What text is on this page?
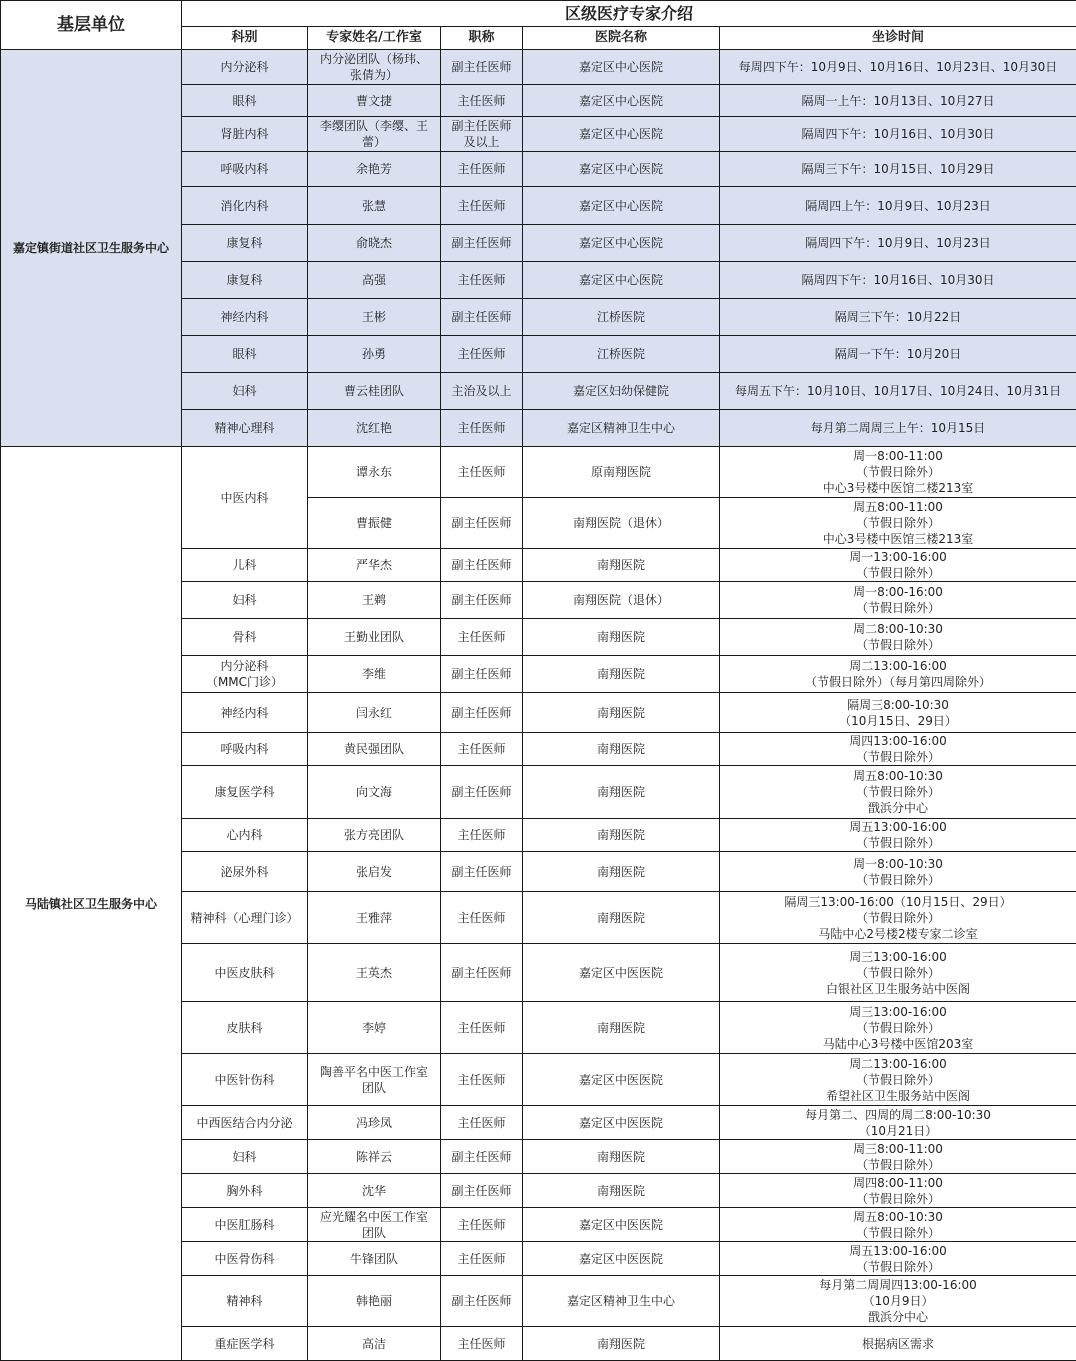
基层单位	区级医疗专家介绍				
	科别	专家姓名/工作室	职称	医院名称	坐诊时间
嘉定镇街道社区卫生服务中心	内分泌科	内分泌团队（杨玮、
张倩为）	副主任医师	嘉定区中心医院	每周四下午：10月9日、10月16日、10月23日、10月30日
	眼科	曹文捷	主任医师	嘉定区中心医院	隔周一上午：10月13日、10月27日
	肾脏内科	李缨团队（李缨、王
蕾）	副主任医师
及以上	嘉定区中心医院	隔周四下午：10月16日、10月30日
	呼吸内科	余艳芳	主任医师	嘉定区中心医院	隔周三下午：10月15日、10月29日
	消化内科	张慧	主任医师	嘉定区中心医院	隔周四上午：10月9日、10月23日
	康复科	俞晓杰	副主任医师	嘉定区中心医院	隔周四下午：10月9日、10月23日
	康复科	高强	主任医师	嘉定区中心医院	隔周四下午：10月16日、10月30日
	神经内科	王彬	副主任医师	江桥医院	隔周三下午：10月22日
	眼科	孙勇	主任医师	江桥医院	隔周一下午：10月20日
	妇科	曹云桂团队	主治及以上	嘉定区妇幼保健院	每周五下午：10月10日、10月17日、10月24日、10月31日
	精神心理科	沈红艳	主任医师	嘉定区精神卫生中心	每月第二周周三上午：10月15日
马陆镇社区卫生服务中心	中医内科	谭永东	主任医师	原南翔医院	周一8:00-11:00
（节假日除外）
中心3号楼中医馆二楼213室
		曹振健	副主任医师	南翔医院（退休）	周五8:00-11:00
（节假日除外）
中心3号楼中医馆三楼213室
	儿科	严华杰	副主任医师	南翔医院	周一13:00-16:00
（节假日除外）
	妇科	王鹈	副主任医师	南翔医院（退休）	周一8:00-16:00
（节假日除外）
	骨科	王勤业团队	主任医师	南翔医院	周二8:00-10:30
（节假日除外）
	内分泌科
（MMC门诊）	李维	副主任医师	南翔医院	周二13:00-16:00
（节假日除外）（每月第四周除外）
	神经内科	闫永红	副主任医师	南翔医院	隔周三8:00-10:30
（10月15日、29日）
	呼吸内科	黄民强团队	主任医师	南翔医院	周四13:00-16:00
（节假日除外）
	康复医学科	向文海	副主任医师	南翔医院	周五8:00-10:30
（节假日除外）
戬浜分中心
	心内科	张方亮团队	主任医师	南翔医院	周五13:00-16:00
（节假日除外）
	泌尿外科	张启发	副主任医师	南翔医院	周一8:00-10:30
（节假日除外）
	精神科（心理门诊）	王雅萍	主任医师	南翔医院	隔周三13:00-16:00（10月15日、29日）
（节假日除外）
马陆中心2号楼2楼专家二诊室
	中医皮肤科	王英杰	副主任医师	嘉定区中医医院	周三13:00-16:00
（节假日除外）
白银社区卫生服务站中医阁
	皮肤科	李婷	主任医师	南翔医院	周三13:00-16:00
（节假日除外）
马陆中心3号楼中医馆203室
	中医针伤科	陶善平名中医工作室
团队	主任医师	嘉定区中医医院	周二13:00-16:00
（节假日除外）
希望社区卫生服务站中医阁
	中西医结合内分泌	冯珍凤	主任医师	嘉定区中医医院	每月第二、四周的周二8:00-10:30
（10月21日）
	妇科	陈祥云	副主任医师	南翔医院	周三8:00-11:00
（节假日除外）
	胸外科	沈华	副主任医师	南翔医院	周四8:00-11:00
（节假日除外）
	中医肛肠科	应光耀名中医工作室
团队	主任医师	嘉定区中医医院	周五8:00-10:30
（节假日除外）
	中医骨伤科	牛锋团队	主任医师	嘉定区中医医院	周五13:00-16:00
（节假日除外）
	精神科	韩艳丽	副主任医师	嘉定区精神卫生中心	每月第二周周四13:00-16:00
（10月9日）
戬浜分中心
	重症医学科	高洁	主任医师	南翔医院	根据病区需求
